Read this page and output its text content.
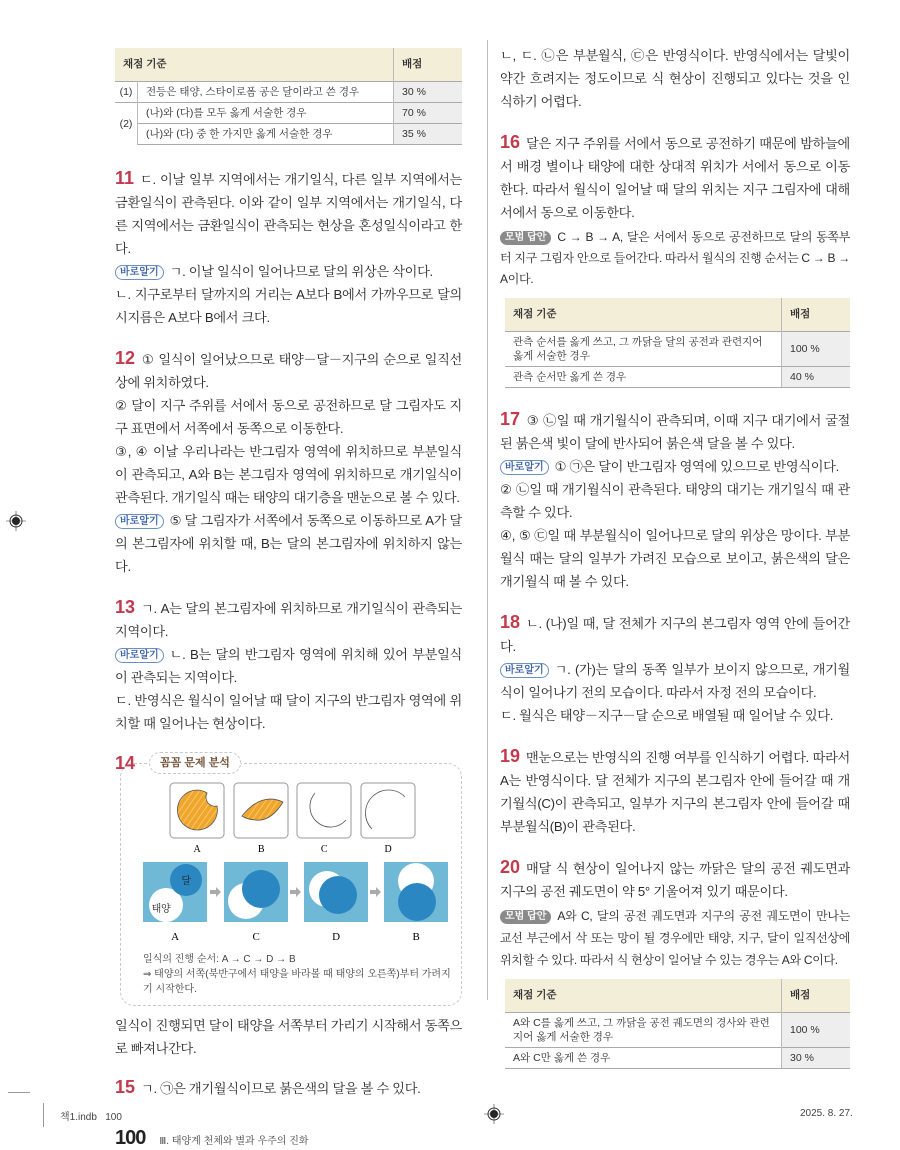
채점 기준		배점
(1)	전등은 태양, 스타이로폼 공은 달이라고 쓴 경우	30 %
(2)	(나)와 (다)를 모두 옳게 서술한 경우	70 %
	(나)와 (다) 중 한 가지만 옳게 서술한 경우	35 %
11 ㄷ. 이날 일부 지역에서는 개기일식, 다른 일부 지역에서는 금환일식이 관측된다. 이와 같이 일부 지역에서는 개기일식, 다른 지역에서는 금환일식이 관측되는 현상을 혼성일식이라고 한다.
바로알기 ㄱ. 이날 일식이 일어나므로 달의 위상은 삭이다.
ㄴ. 지구로부터 달까지의 거리는 A보다 B에서 가까우므로 달의 시지름은 A보다 B에서 크다.
12 ① 일식이 일어났으므로 태양－달－지구의 순으로 일직선상에 위치하였다.
② 달이 지구 주위를 서에서 동으로 공전하므로 달 그림자도 지구 표면에서 서쪽에서 동쪽으로 이동한다.
③, ④ 이날 우리나라는 반그림자 영역에 위치하므로 부분일식이 관측되고, A와 B는 본그림자 영역에 위치하므로 개기일식이 관측된다. 개기일식 때는 태양의 대기층을 맨눈으로 볼 수 있다.
바로알기 ⑤ 달 그림자가 서쪽에서 동쪽으로 이동하므로 A가 달의 본그림자에 위치할 때, B는 달의 본그림자에 위치하지 않는다.
13 ㄱ. A는 달의 본그림자에 위치하므로 개기일식이 관측되는 지역이다.
바로알기 ㄴ. B는 달의 반그림자 영역에 위치해 있어 부분일식이 관측되는 지역이다.
ㄷ. 반영식은 월식이 일어날 때 달이 지구의 반그림자 영역에 위치할 때 일어나는 현상이다.
14	꼼꼼 문제 분석
A	B	C	D
달
태양
A	C	D	B
일식의 진행 순서: A → C → D → B
⇒ 태양의 서쪽(북반구에서 태양을 바라볼 때 태양의 오른쪽)부터 가려지기 시작한다.
일식이 진행되면 달이 태양을 서쪽부터 가리기 시작해서 동쪽으로 빠져나간다.
15 ㄱ. ㉠은 개기월식이므로 붉은색의 달을 볼 수 있다.
100 Ⅲ. 태양계 천체와 별과 우주의 진화
ㄴ, ㄷ. ㉡은 부분월식, ㉢은 반영식이다. 반영식에서는 달빛이 약간 흐려지는 정도이므로 식 현상이 진행되고 있다는 것을 인식하기 어렵다.
16 달은 지구 주위를 서에서 동으로 공전하기 때문에 밤하늘에서 배경 별이나 태양에 대한 상대적 위치가 서에서 동으로 이동한다. 따라서 월식이 일어날 때 달의 위치는 지구 그림자에 대해 서에서 동으로 이동한다.
모범 답안 C → B → A, 달은 서에서 동으로 공전하므로 달의 동쪽부터 지구 그림자 안으로 들어간다. 따라서 월식의 진행 순서는 C → B → A이다.
채점 기준	배점
관측 순서를 옳게 쓰고, 그 까닭을 달의 공전과 관련지어 옳게 서술한 경우	100 %
관측 순서만 옳게 쓴 경우	40 %
17 ③ ㉡일 때 개기월식이 관측되며, 이때 지구 대기에서 굴절된 붉은색 빛이 달에 반사되어 붉은색 달을 볼 수 있다.
바로알기 ① ㉠은 달이 반그림자 영역에 있으므로 반영식이다.
② ㉡일 때 개기월식이 관측된다. 태양의 대기는 개기일식 때 관측할 수 있다.
④, ⑤ ㉢일 때 부분월식이 일어나므로 달의 위상은 망이다. 부분월식 때는 달의 일부가 가려진 모습으로 보이고, 붉은색의 달은 개기월식 때 볼 수 있다.
18 ㄴ. (나)일 때, 달 전체가 지구의 본그림자 영역 안에 들어간다.
바로알기 ㄱ. (가)는 달의 동쪽 일부가 보이지 않으므로, 개기월식이 일어나기 전의 모습이다. 따라서 자정 전의 모습이다.
ㄷ. 월식은 태양－지구－달 순으로 배열될 때 일어날 수 있다.
19 맨눈으로는 반영식의 진행 여부를 인식하기 어렵다. 따라서 A는 반영식이다. 달 전체가 지구의 본그림자 안에 들어갈 때 개기월식(C)이 관측되고, 일부가 지구의 본그림자 안에 들어갈 때 부분월식(B)이 관측된다.
20 매달 식 현상이 일어나지 않는 까닭은 달의 공전 궤도면과 지구의 공전 궤도면이 약 5° 기울어져 있기 때문이다.
모범 답안 A와 C, 달의 공전 궤도면과 지구의 공전 궤도면이 만나는 교선 부근에서 삭 또는 망이 될 경우에만 태양, 지구, 달이 일직선상에 위치할 수 있다. 따라서 식 현상이 일어날 수 있는 경우는 A와 C이다.
채점 기준	배점
A와 C를 옳게 쓰고, 그 까닭을 공전 궤도면의 경사와 관련지어 옳게 서술한 경우	100 %
A와 C만 옳게 쓴 경우	30 %
책1.indb   100	2025. 8. 27.
